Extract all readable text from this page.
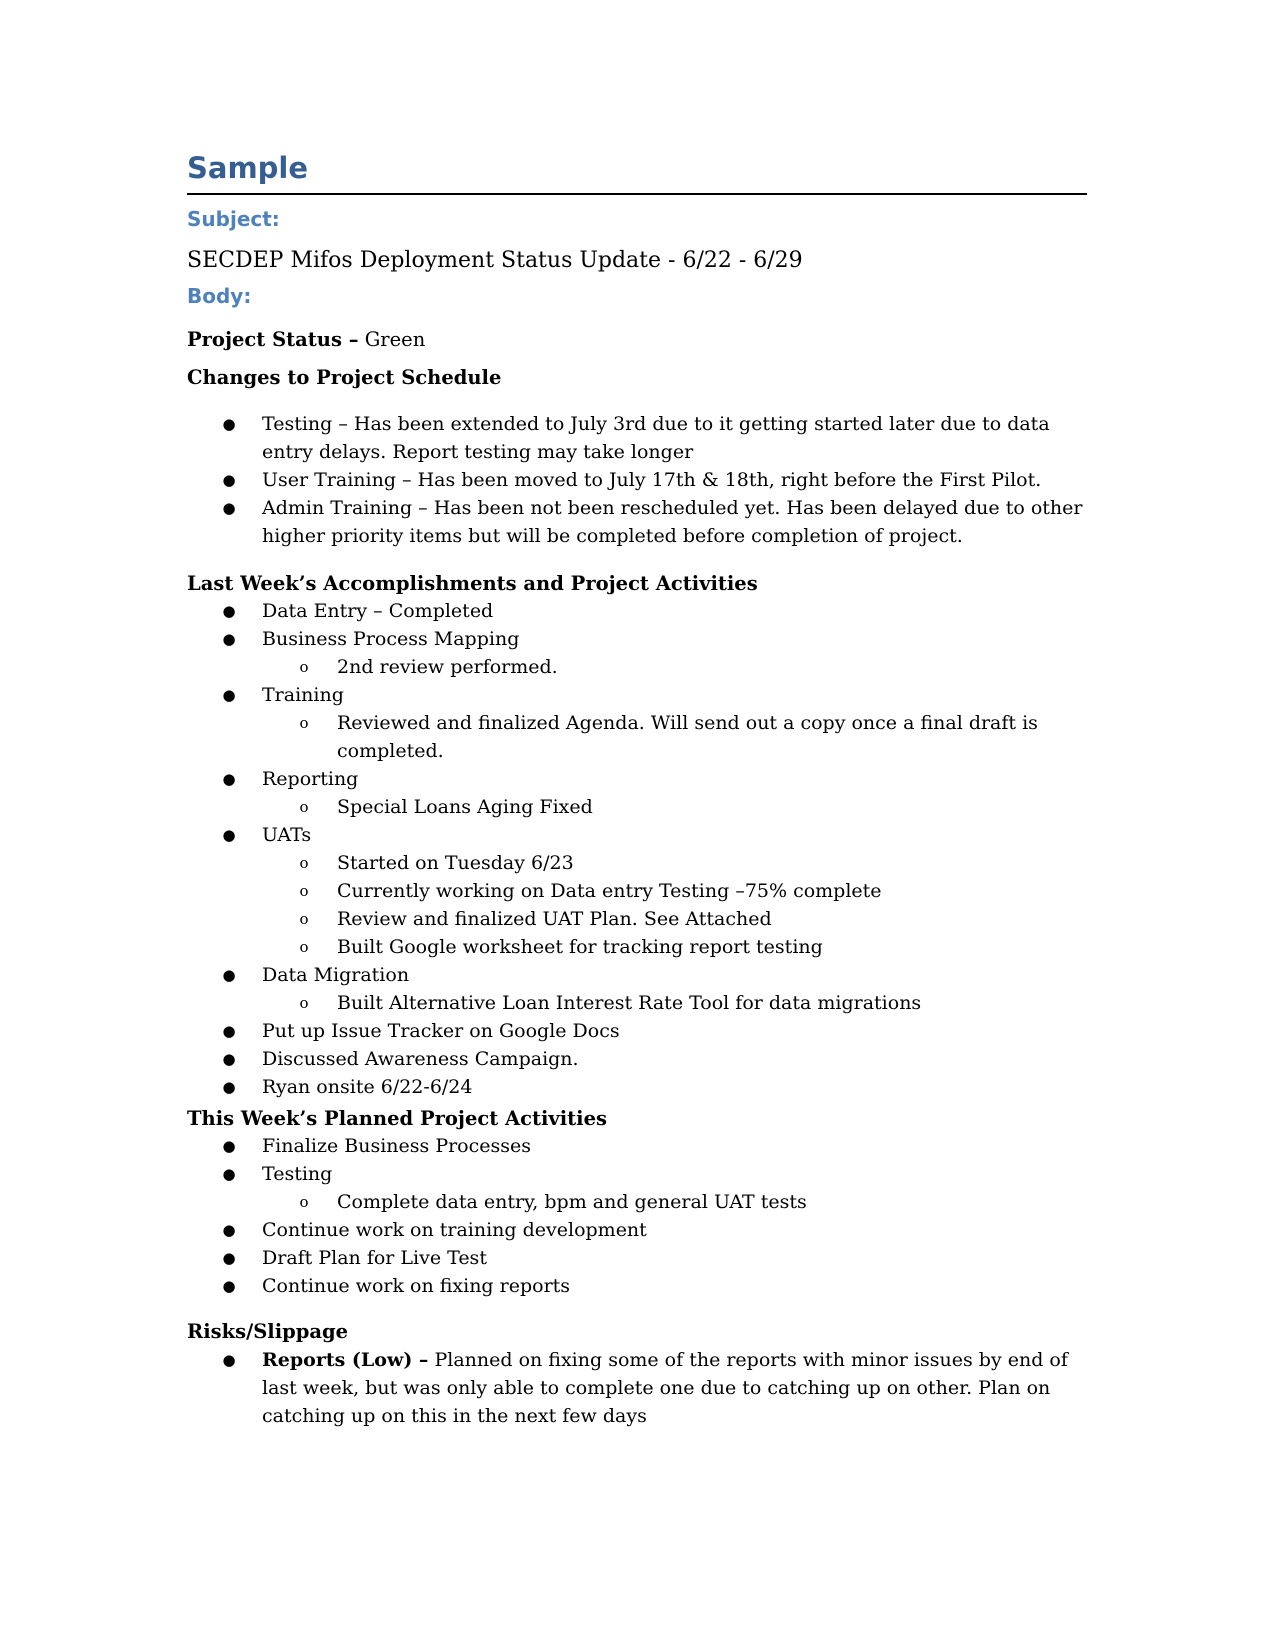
Sample
Subject:
SECDEP Mifos Deployment Status Update - 6/22 - 6/29
Body:
Project Status – Green
Changes to Project Schedule
● Testing – Has been extended to July 3rd due to it getting started later due to data entry delays. Report testing may take longer
● User Training – Has been moved to July 17th & 18th, right before the First Pilot.
● Admin Training – Has been not been rescheduled yet. Has been delayed due to other higher priority items but will be completed before completion of project.
Last Week’s Accomplishments and Project Activities
● Data Entry – Completed
● Business Process Mapping
o 2nd review performed.
● Training
o Reviewed and finalized Agenda. Will send out a copy once a final draft is completed.
● Reporting
o Special Loans Aging Fixed
● UATs
o Started on Tuesday 6/23
o Currently working on Data entry Testing –75% complete
o Review and finalized UAT Plan. See Attached
o Built Google worksheet for tracking report testing
● Data Migration
o Built Alternative Loan Interest Rate Tool for data migrations
● Put up Issue Tracker on Google Docs
● Discussed Awareness Campaign.
● Ryan onsite 6/22-6/24
This Week’s Planned Project Activities
● Finalize Business Processes
● Testing
o Complete data entry, bpm and general UAT tests
● Continue work on training development
● Draft Plan for Live Test
● Continue work on fixing reports
Risks/Slippage
● Reports (Low) – Planned on fixing some of the reports with minor issues by end of last week, but was only able to complete one due to catching up on other. Plan on catching up on this in the next few days
